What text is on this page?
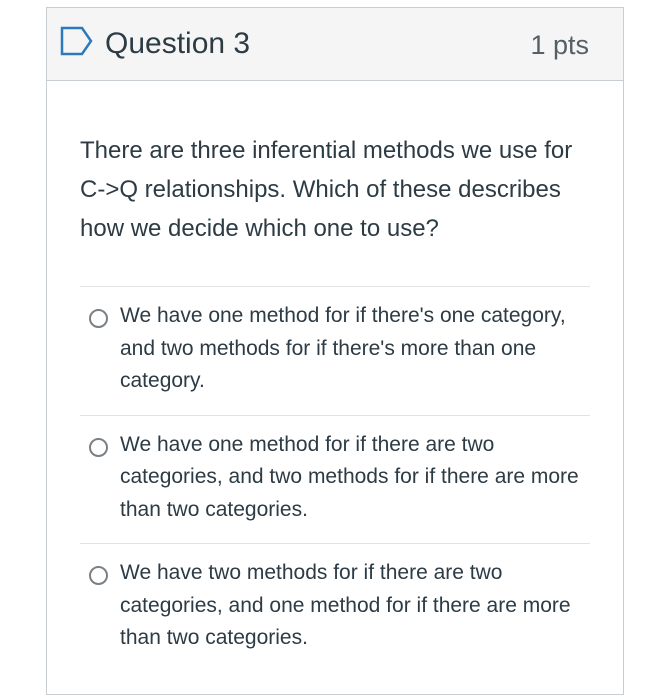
Question 3	1 pts
There are three inferential methods we use for C->Q relationships. Which of these describes how we decide which one to use?
We have one method for if there's one category, and two methods for if there's more than one category.
We have one method for if there are two categories, and two methods for if there are more than two categories.
We have two methods for if there are two categories, and one method for if there are more than two categories.
